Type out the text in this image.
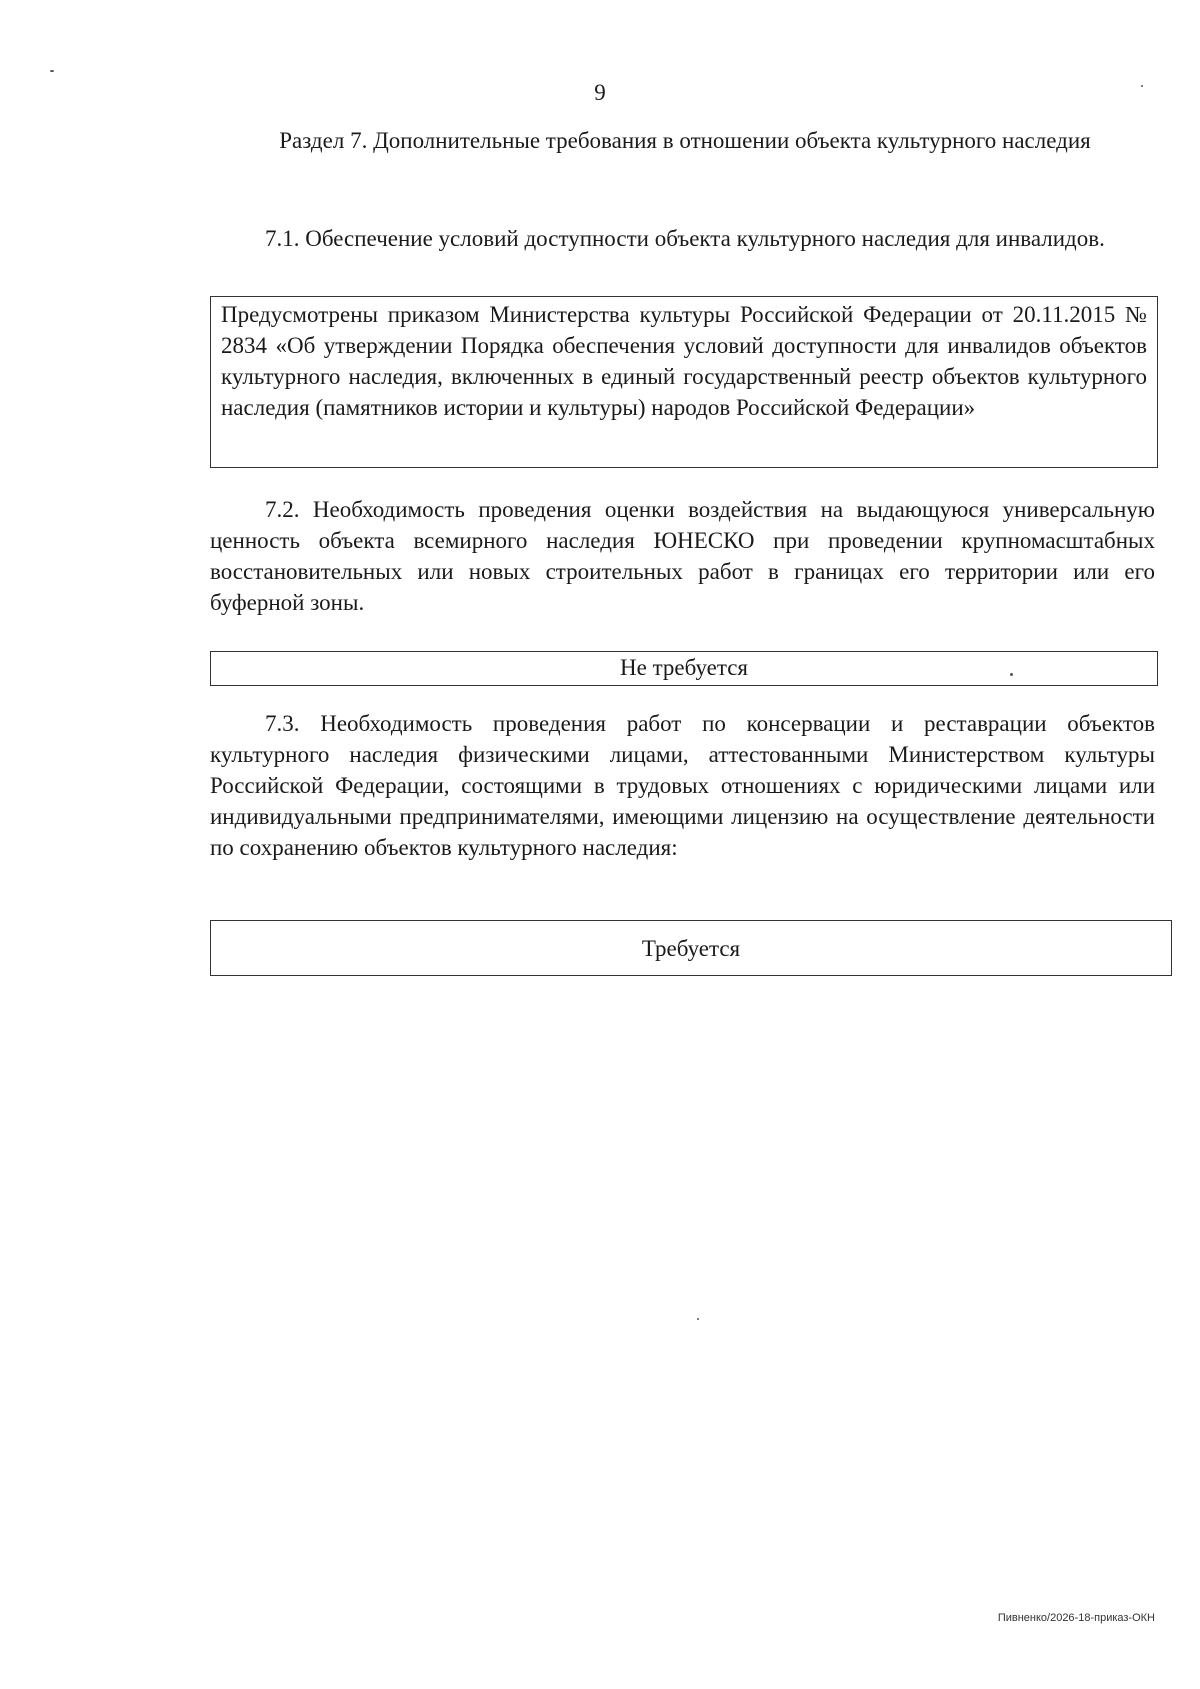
9
Раздел 7. Дополнительные требования в отношении объекта культурного наследия
7.1. Обеспечение условий доступности объекта культурного наследия для инвалидов.
Предусмотрены приказом Министерства культуры Российской Федерации от 20.11.2015 № 2834 «Об утверждении Порядка обеспечения условий доступности для инвалидов объектов культурного наследия, включенных в единый государственный реестр объектов культурного наследия (памятников истории и культуры) народов Российской Федерации»
7.2. Необходимость проведения оценки воздействия на выдающуюся универсальную ценность объекта всемирного наследия ЮНЕСКО при проведении крупномасштабных восстановительных или новых строительных работ в границах его территории или его буферной зоны.
Не требуется
7.3. Необходимость проведения работ по консервации и реставрации объектов культурного наследия физическими лицами, аттестованными Министерством культуры Российской Федерации, состоящими в трудовых отношениях с юридическими лицами или индивидуальными предпринимателями, имеющими лицензию на осуществление деятельности по сохранению объектов культурного наследия:
Требуется
Пивненко/2026-18-приказ-ОКН
